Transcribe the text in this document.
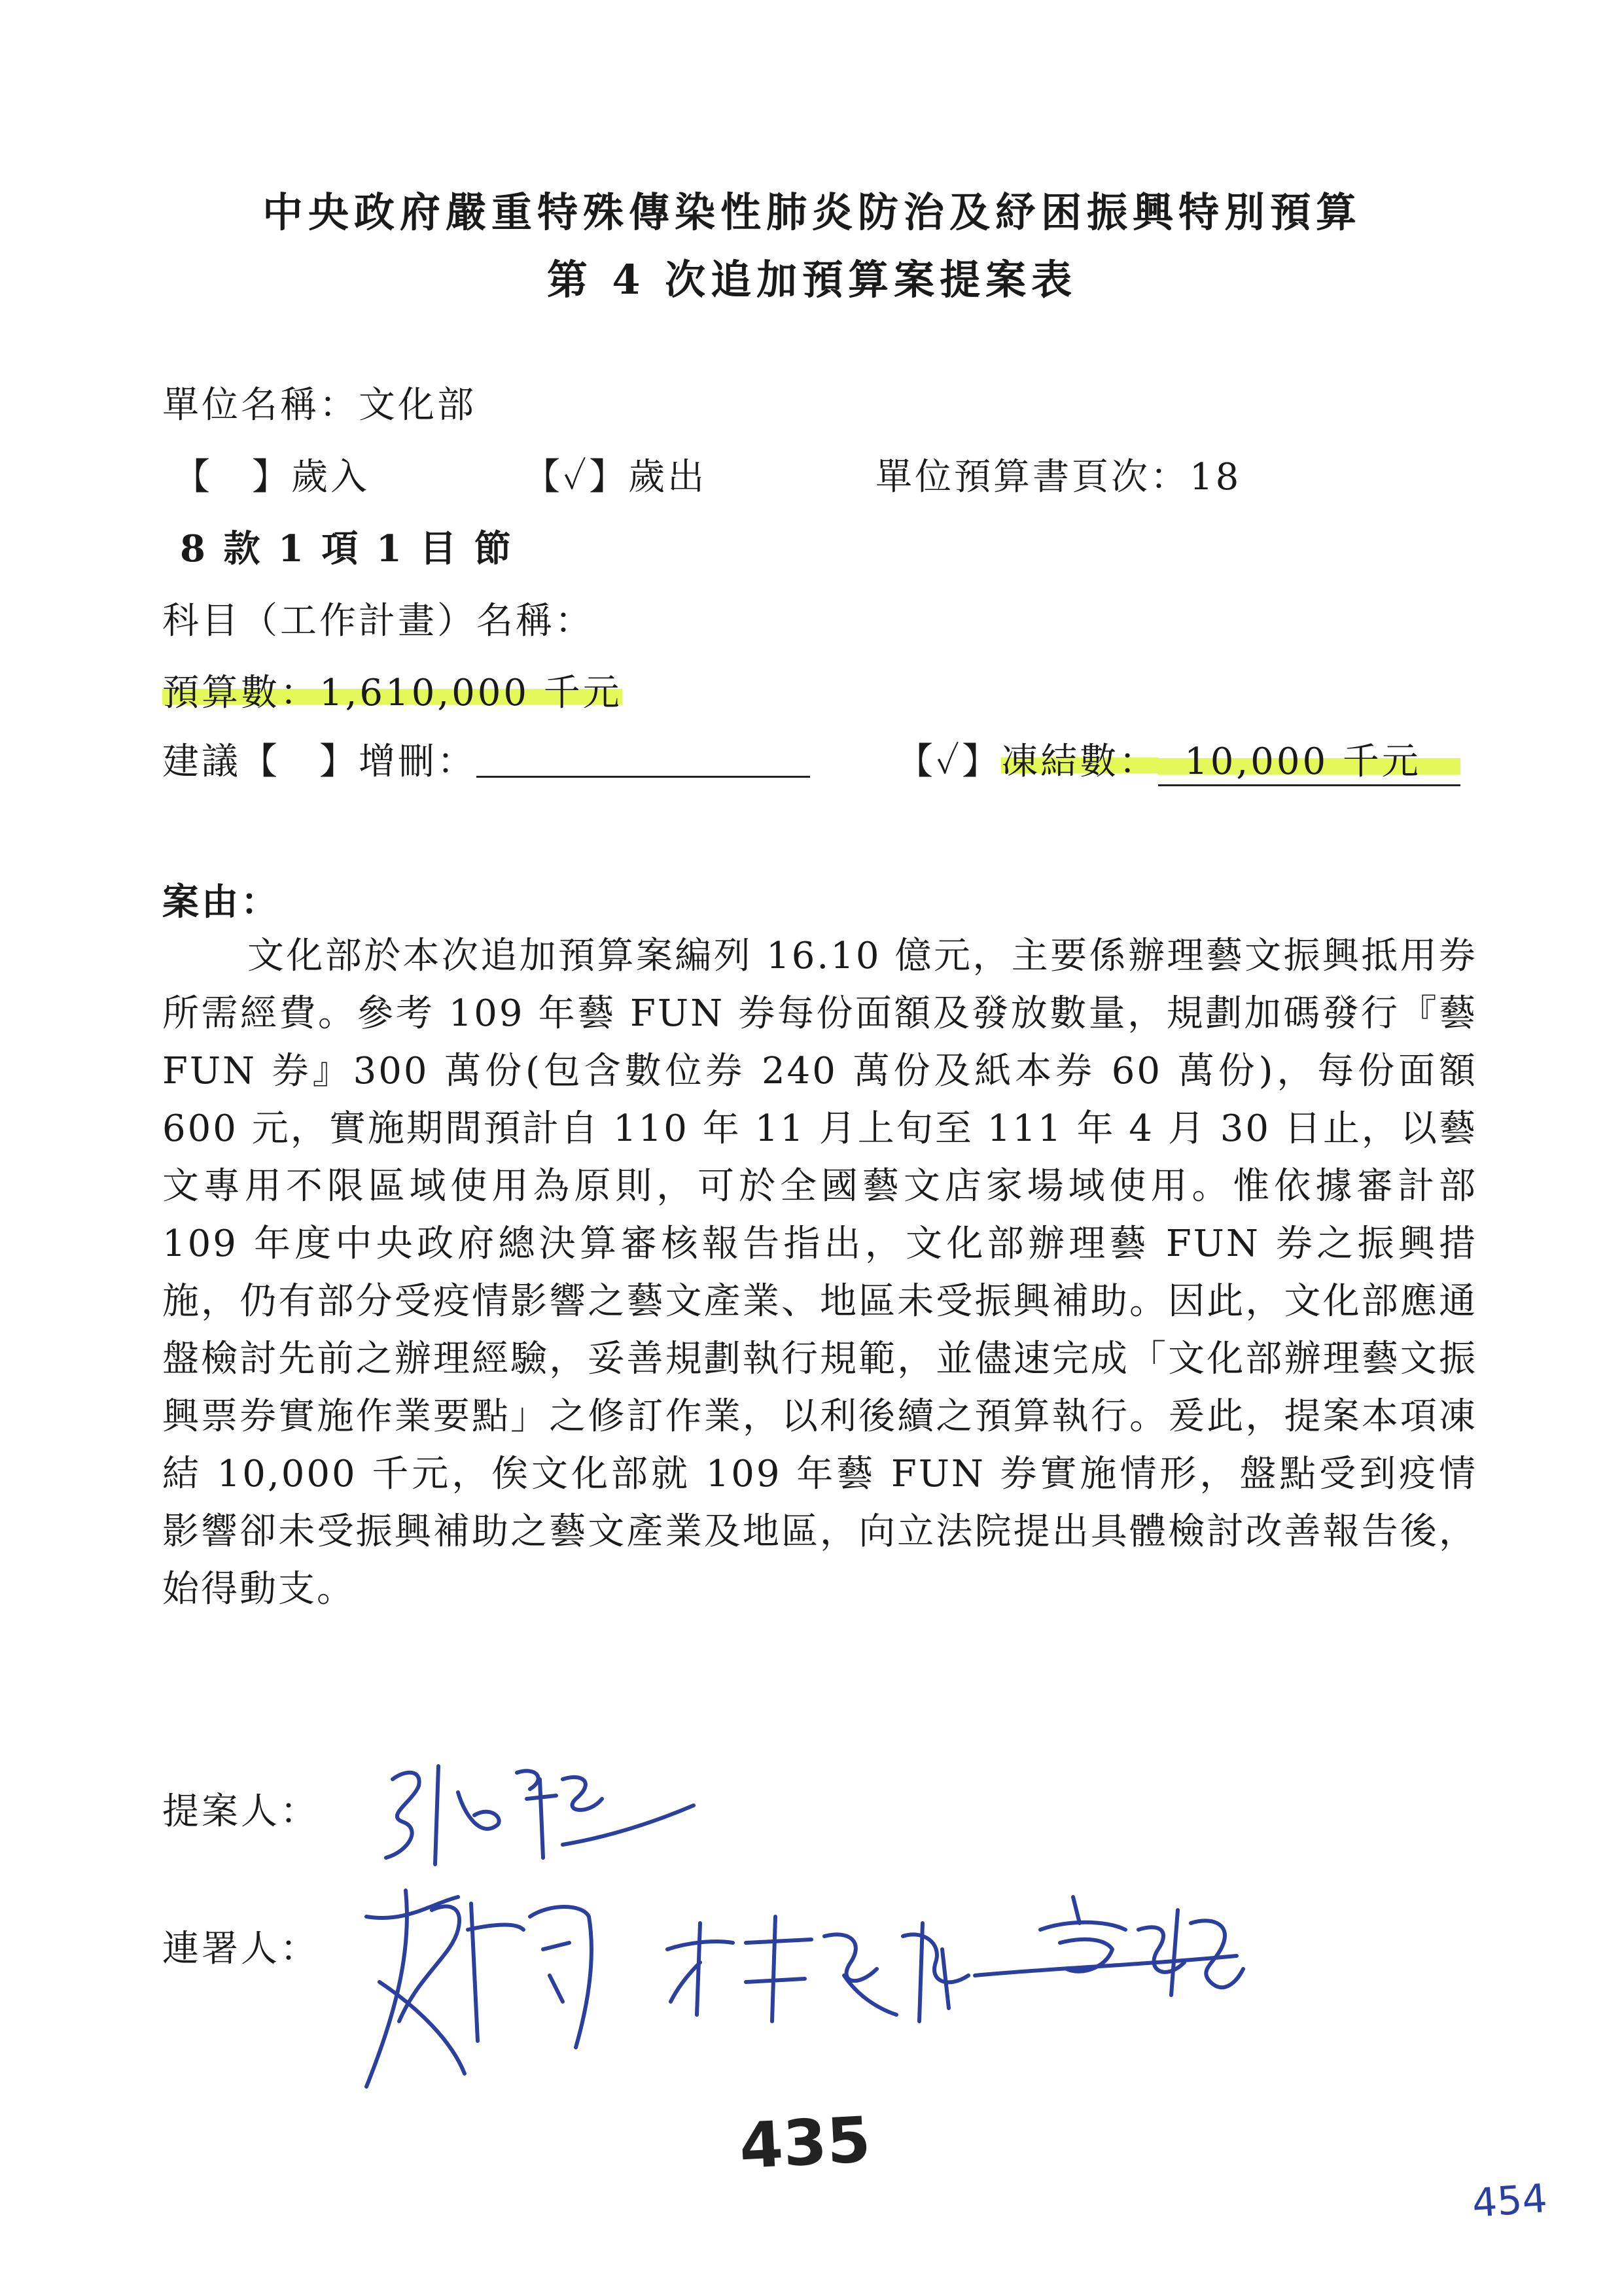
中央政府嚴重特殊傳染性肺炎防治及紓困振興特別預算
第 4 次追加預算案提案表
單位名稱：文化部
【　】歲入	【✓】歲出	單位預算書頁次：18
8 款 1 項 1 目 節
科目（工作計畫）名稱：
預算數：1,610,000 千元
建議【　】增刪：	【✓】凍結數： 10,000 千元
案由：

文化部於本次追加預算案編列 16.10 億元，主要係辦理藝文振興抵用券所需經費。參考 109 年藝 FUN 券每份面額及發放數量，規劃加碼發行『藝 FUN 券』300 萬份(包含數位券 240 萬份及紙本券 60 萬份)，每份面額 600 元，實施期間預計自 110 年 11 月上旬至 111 年 4 月 30 日止，以藝文專用不限區域使用為原則，可於全國藝文店家場域使用。惟依據審計部 109 年度中央政府總決算審核報告指出，文化部辦理藝 FUN 券之振興措施，仍有部分受疫情影響之藝文產業、地區未受振興補助。因此，文化部應通盤檢討先前之辦理經驗，妥善規劃執行規範，並儘速完成「文化部辦理藝文振興票券實施作業要點」之修訂作業，以利後續之預算執行。爰此，提案本項凍結 10,000 千元，俟文化部就 109 年藝 FUN 券實施情形，盤點受到疫情影響卻未受振興補助之藝文產業及地區，向立法院提出具體檢討改善報告後，始得動支。

提案人：
連署人：
435
454
